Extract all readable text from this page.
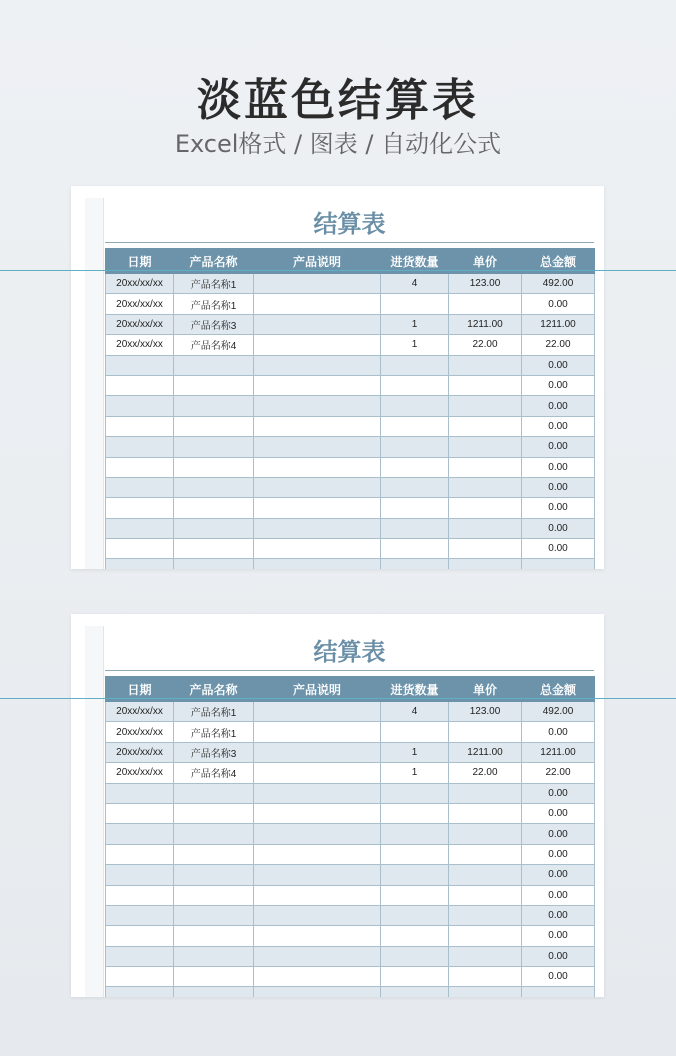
淡蓝色结算表
Excel格式 / 图表 / 自动化公式
结算表
日期	产品名称	产品说明	进货数量	单价	总金额
20xx/xx/xx	产品名称1		4	123.00	492.00
20xx/xx/xx	产品名称1				0.00
20xx/xx/xx	产品名称3		1	1211.00	1211.00
20xx/xx/xx	产品名称4		1	22.00	22.00
					0.00
					0.00
					0.00
					0.00
					0.00
					0.00
					0.00
					0.00
					0.00
					0.00

结算表
日期	产品名称	产品说明	进货数量	单价	总金额
20xx/xx/xx	产品名称1		4	123.00	492.00
20xx/xx/xx	产品名称1				0.00
20xx/xx/xx	产品名称3		1	1211.00	1211.00
20xx/xx/xx	产品名称4		1	22.00	22.00
					0.00
					0.00
					0.00
					0.00
					0.00
					0.00
					0.00
					0.00
					0.00
					0.00
